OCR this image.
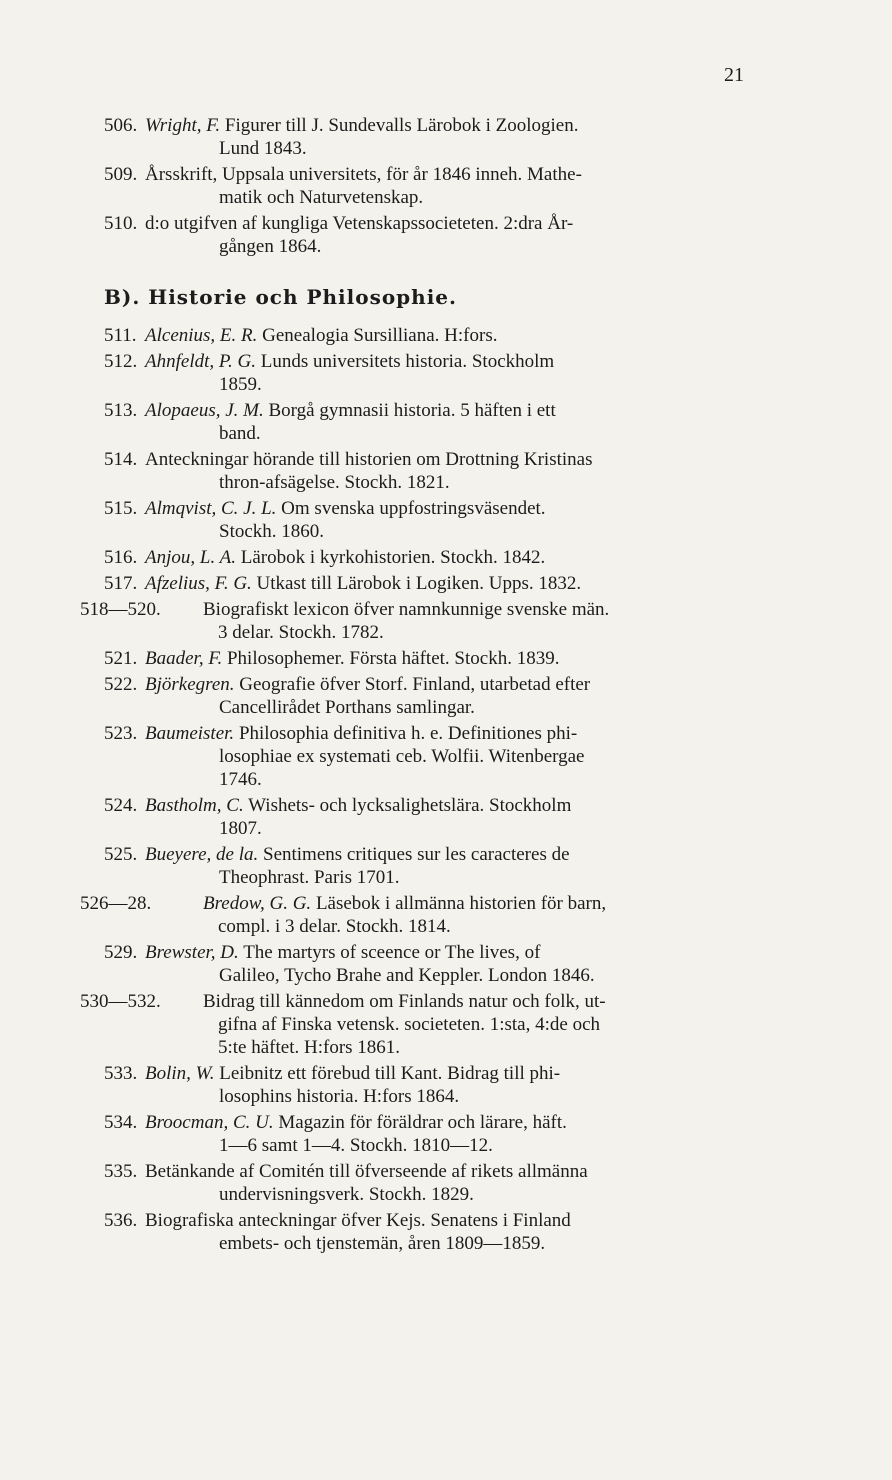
21
506. Wright, F. Figurer till J. Sundevalls Lärobok i Zoologien.
Lund 1843.
509. Årsskrift, Uppsala universitets, för år 1846 inneh. Mathe-
matik och Naturvetenskap.
510. d:o utgifven af kungliga Vetenskapssocieteten. 2:dra År-
gången 1864.
B). Historie och Philosophie.
511. Alcenius, E. R. Genealogia Sursilliana. H:fors.
512. Ahnfeldt, P. G. Lunds universitets historia. Stockholm
1859.
513. Alopaeus, J. M. Borgå gymnasii historia. 5 häften i ett
band.
514. Anteckningar hörande till historien om Drottning Kristinas
thron-afsägelse. Stockh. 1821.
515. Almqvist, C. J. L. Om svenska uppfostringsväsendet.
Stockh. 1860.
516. Anjou, L. A. Lärobok i kyrkohistorien. Stockh. 1842.
517. Afzelius, F. G. Utkast till Lärobok i Logiken. Upps. 1832.
518—520. Biografiskt lexicon öfver namnkunnige svenske män.
3 delar. Stockh. 1782.
521. Baader, F. Philosophemer. Första häftet. Stockh. 1839.
522. Björkegren. Geografie öfver Storf. Finland, utarbetad efter
Cancellirådet Porthans samlingar.
523. Baumeister. Philosophia definitiva h. e. Definitiones phi-
losophiae ex systemati ceb. Wolfii. Witenbergae
1746.
524. Bastholm, C. Wishets- och lycksalighetslära. Stockholm
1807.
525. Bueyere, de la. Sentimens critiques sur les caracteres de
Theophrast. Paris 1701.
526—28.	Bredow, G. G. Läsebok i allmänna historien för barn,
compl. i 3 delar. Stockh. 1814.
529. Brewster, D. The martyrs of sceence or The lives, of
Galileo, Tycho Brahe and Keppler. London 1846.
530—532. Bidrag till kännedom om Finlands natur och folk, ut-
gifna af Finska vetensk. societeten. 1:sta, 4:de och
5:te häftet. H:fors 1861.
533. Bolin, W. Leibnitz ett förebud till Kant. Bidrag till phi-
losophins historia. H:fors 1864.
534. Broocman, C. U. Magazin för föräldrar och lärare, häft.
1—6 samt 1—4. Stockh. 1810—12.
535. Betänkande af Comitén till öfverseende af rikets allmänna
undervisningsverk. Stockh. 1829.
536. Biografiska anteckningar öfver Kejs. Senatens i Finland
embets- och tjenstemän, åren 1809—1859.
